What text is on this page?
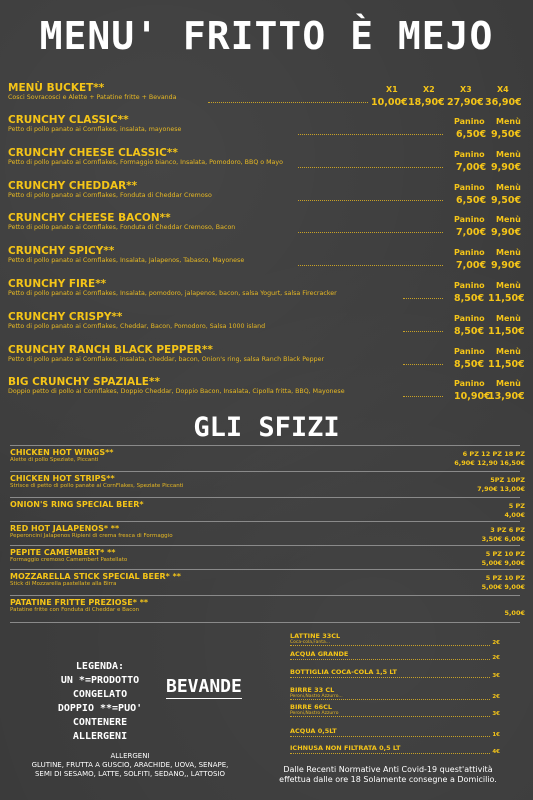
MENU' FRITTO È MEJO
MENÙ BUCKET**
Cosci Sovracosci e Alette + Patatine fritte + Bevanda
X1	X2	X3	X4
10,00€ 18,90€ 27,90€ 36,90€
CRUNCHY CLASSIC**
Petto di pollo panato ai Cornflakes, insalata, mayonese
Panino Menù
6,50€ 9,50€
CRUNCHY CHEESE CLASSIC**
Petto di pollo panato ai Cornflakes, Formaggio bianco, Insalata, Pomodoro, BBQ o Mayo
Panino Menù
7,00€ 9,90€
CRUNCHY CHEDDAR**
Petto di pollo panato ai Cornflakes, Fonduta di Cheddar Cremoso
Panino Menù
6,50€ 9,50€
CRUNCHY CHEESE BACON**
Petto di pollo panato ai Cornflakes, Fonduta di Cheddar Cremoso, Bacon
Panino Menù
7,00€ 9,90€
CRUNCHY SPICY**
Petto di pollo panato ai Cornflakes, Insalata, Jalapenos, Tabasco, Mayonese
Panino Menù
7,00€ 9,90€
CRUNCHY FIRE**
Petto di pollo panato ai Cornflakes, Insalata, pomodoro, jalapenos, bacon, salsa Yogurt, salsa Firecracker
Panino Menù
8,50€ 11,50€
CRUNCHY CRISPY**
Petto di pollo panato ai Cornflakes, Cheddar, Bacon, Pomodoro, Salsa 1000 island
Panino Menù
8,50€ 11,50€
CRUNCHY RANCH BLACK PEPPER**
Petto di pollo panato ai Cornflakes, insalata, cheddar, bacon, Onion's ring, salsa Ranch Black Pepper
Panino Menù
8,50€ 11,50€
BIG CRUNCHY SPAZIALE**
Doppio petto di pollo ai Cornflakes, Doppio Cheddar, Doppio Bacon, Insalata, Cipolla fritta, BBQ, Mayonese
Panino Menù
10,90€
13,90€
GLI SFIZI
CHICKEN HOT WINGS**
Alette di pollo Speziate, Piccanti
6 PZ 12 PZ 18 PZ
6,90€ 12,90 16,50€
CHICKEN HOT STRIPS**
Strisce di petto di pollo panate ai CornFlakes, Speziate Piccanti
5PZ 10PZ
7,90€ 13,00€
ONION'S RING SPECIAL BEER*	5 PZ
4,00€
RED HOT JALAPENOS* **
Peperoncini Jalapenos Ripieni di crema fresca di Formaggio
3 PZ 6 PZ
3,50€ 6,00€
PEPITE CAMEMBERT* **
Formaggio cremoso Camembert Pastellato
5 PZ 10 PZ
5,00€ 9,00€
MOZZARELLA STICK SPECIAL BEER* **
Stick di Mozzarella pastellate alla Birra
5 PZ 10 PZ
5,00€ 9,00€
PATATINE FRITTE PREZIOSE* **
Patatine fritte con Fonduta di Cheddar e Bacon	5,00€
LEGENDA:
UN *=PRODOTTO
CONGELATO
DOPPIO **=PUO'
CONTENERE
ALLERGENI
BEVANDE
LATTINE 33CL
Coca-cola,Fanta...	2€
ACQUA GRANDE	2€
BOTTIGLIA COCA-COLA 1,5 LT	3€
BIRRE 33 CL
Peroni,Nastro Azzurro...	2€
BIRRE 66CL
Peroni,Nastro Azzurro	3€
ACQUA 0,5LT	1€
ICHNUSA NON FILTRATA 0,5 LT	4€
ALLERGENI
GLUTINE, FRUTTA A GUSCIO, ARACHIDE, UOVA, SENAPE,
SEMI DI SESAMO, LATTE, SOLFITI, SEDANO,, LATTOSIO	Dalle Recenti Normative Anti Covid-19 quest'attività
effettua dalle ore 18 Solamente consegne a Domicilio.
